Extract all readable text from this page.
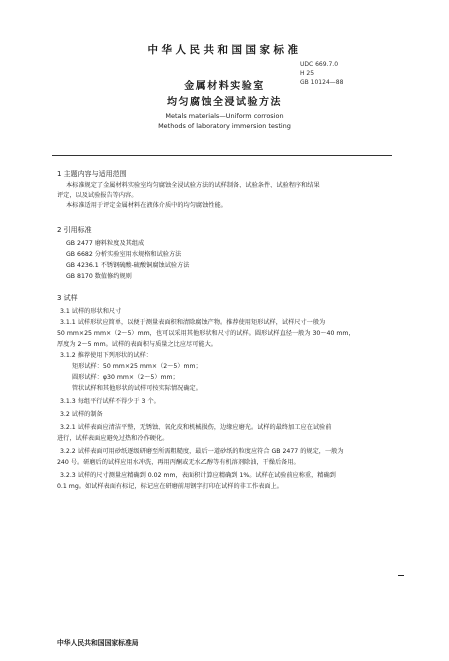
中华人民共和国国家标准
UDC 669.7.0
H 25
GB 10124—88
金属材料实验室
均匀腐蚀全浸试验方法
Metals materials—Uniform corrosion
Methods of laboratory immersion testing
1 主题内容与适用范围
本标准规定了金属材料实验室均匀腐蚀全浸试验方法的试样制备、试验条件、试验程序和结果
评定，以及试验报告等内容。
本标准适用于评定金属材料在液体介质中的均匀腐蚀性能。
2 引用标准
GB 2477 磨料粒度及其组成
GB 6682 分析实验室用水规格和试验方法
GB 4236.1 不锈钢硫酸-硫酸铜腐蚀试验方法
GB 8170 数值修约规则
3 试样
3.1 试样的形状和尺寸
3.1.1 试样形状应简单，以便于测量表面积和清除腐蚀产物。推荐使用矩形试样，试样尺寸一般为
50 mm×25 mm×（2～5）mm，也可以采用其他形状和尺寸的试样。圆形试样直径一般为 30～40 mm，
厚度为 2～5 mm。试样的表面积与质量之比应尽可能大。
3.1.2 推荐使用下列形状的试样：
矩形试样：50 mm×25 mm×（2～5）mm；
圆形试样：φ30 mm×（2～5）mm；
管状试样和其他形状的试样可按实际情况确定。
3.1.3 每组平行试样不得少于 3 个。
3.2 试样的制备
3.2.1 试样表面应清洁平整，无锈蚀、氧化皮和机械损伤，边缘应磨光。试样的最终加工应在试验前
进行，试样表面应避免过热和冷作硬化。
3.2.2 试样表面可用砂纸逐级研磨至所需粗糙度，最后一道砂纸的粒度应符合 GB 2477 的规定，一般为
240 号。研磨后的试样应用水冲洗，再用丙酮或无水乙醇等有机溶剂除油，干燥后备用。
3.2.3 试样的尺寸测量应精确到 0.02 mm，表面积计算应精确到 1%。试样在试验前应称重，精确到
0.1 mg。如试样表面有标记，标记应在研磨前用钢字打印在试样的非工作表面上。
中华人民共和国国家标准局
